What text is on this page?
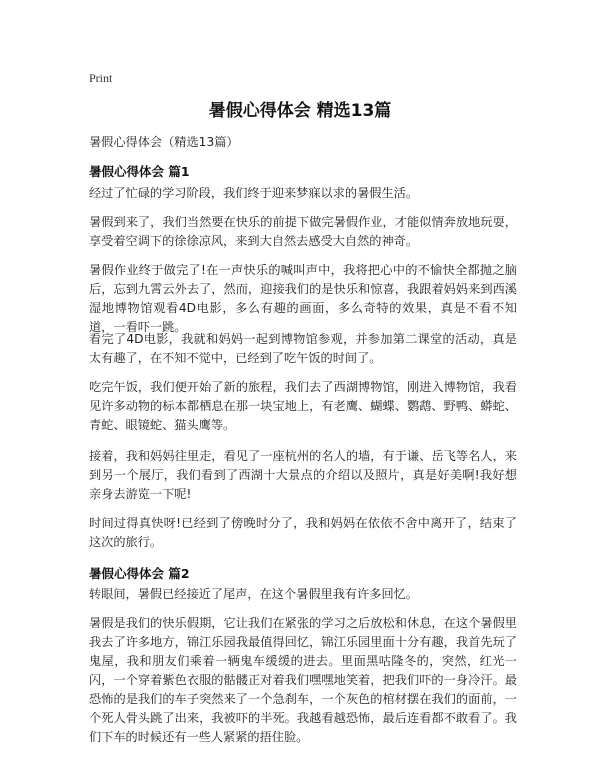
Print
暑假心得体会 精选13篇
暑假心得体会（精选13篇）
暑假心得体会 篇1
经过了忙碌的学习阶段，我们终于迎来梦寐以求的暑假生活。
暑假到来了，我们当然要在快乐的前提下做完暑假作业，才能似情奔放地玩耍，享受着空调下的徐徐凉风，来到大自然去感受大自然的神奇。
暑假作业终于做完了!在一声快乐的喊叫声中，我将把心中的不愉快全都抛之脑后，忘到九霄云外去了，然而，迎接我们的是快乐和惊喜，我跟着妈妈来到西溪湿地博物馆观看4D电影，多么有趣的画面，多么奇特的效果，真是不看不知道，一看吓一跳。
看完了4D电影，我就和妈妈一起到博物馆参观，并参加第二课堂的活动，真是太有趣了，在不知不觉中，已经到了吃午饭的时间了。
吃完午饭，我们便开始了新的旅程，我们去了西湖博物馆，刚进入博物馆，我看见许多动物的标本都栖息在那一块宝地上，有老鹰、蝴蝶、鹦鹉、野鸭、蟒蛇、青蛇、眼镜蛇、猫头鹰等。
接着，我和妈妈往里走，看见了一座杭州的名人的墙，有于谦、岳飞等名人，来到另一个展厅，我们看到了西湖十大景点的介绍以及照片，真是好美啊!我好想亲身去游览一下呢!
时间过得真快呀!已经到了傍晚时分了，我和妈妈在依依不舍中离开了，结束了这次的旅行。
暑假心得体会 篇2
转眼间，暑假已经接近了尾声，在这个暑假里我有许多回忆。
暑假是我们的快乐假期，它让我们在紧张的学习之后放松和休息，在这个暑假里我去了许多地方，锦江乐园我最值得回忆，锦江乐园里面十分有趣，我首先玩了鬼屋，我和朋友们乘着一辆鬼车缓缓的进去。里面黑咕隆冬的，突然，红光一闪，一个穿着紫色衣服的骷髅正对着我们嘿嘿地笑着，把我们吓的一身冷汗。最恐怖的是我们的车子突然来了一个急刹车，一个灰色的棺材摆在我们的面前，一个死人骨头跳了出来，我被吓的半死。我越看越恐怖，最后连看都不敢看了。我们下车的时候还有一些人紧紧的捂住脸。
